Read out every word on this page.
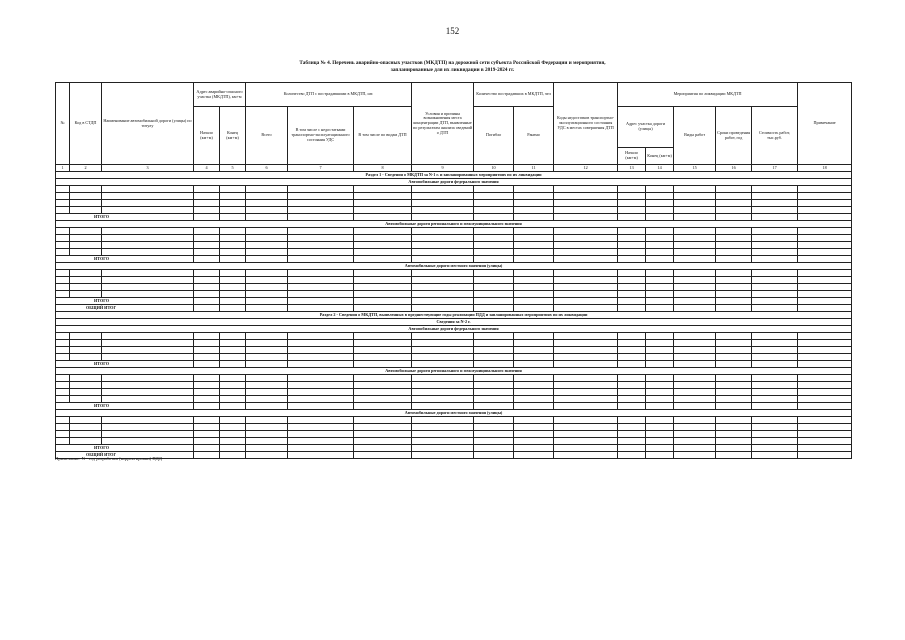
152
Таблица № 4. Перечень аварийно-опасных участков (МКДТП) на дорожной сети субъекта Российской Федерации и мероприятия,
запланированные для их ликвидации в 2019-2024 гг.
№	Код в СТДП	Наименование автомобильной дороги (улицы) по титулу	Адрес аварийно-опасного участка (МКДТП), км+м		Количество ДТП с пострадавшими в МКДТП, шт.			Условия и причины возникновения места концентрации ДТП, выявленные по результатам анализа сведений о ДТП	Количество пострадавших в МКДТП, чел		Коды недостатков транспортно-эксплуатационного состояния УДС в местах совершения ДТП	Мероприятия по ликвидации МКДТП					Примечание
			Начало (км+м)	Конец (км+м)	Всего	В том числе с недостатками транспортно-эксплуатационного состояния УДС	В том числе по видам ДТП		Погибло	Ранено		Адрес участка дороги (улицы)		Виды работ	Сроки проведения работ, год	Стоимость работ, тыс.руб.	
												Начало (км+м)	Конец (км+м)				
1	2	3	4	5	6	7	8	9	10	11	12	13	14	15	16	17	18
Раздел 1 - Сведения о МКДТП за N-1 г. и запланированных мероприятиях по их ликвидации																	
Автомобильные дороги федерального значения																	

ИТОГО																	
Автомобильные дороги регионального и межмуниципального значения																	

ИТОГО																	
Автомобильные дороги местного значения (улицы)																	

ИТОГО																	
ОБЩИЙ ИТОГ																	
Раздел 2 - Сведения о МКДТП, выявленных в предшествующие годы реализации ПДД и запланированных мероприятиях по их ликвидации																	
Сведения за N-2 г.																	
Автомобильные дороги федерального значения																	

ИТОГО																	
Автомобильные дороги регионального и межмуниципального значения																	

ИТОГО																	
Автомобильные дороги местного значения (улицы)																	

ИТОГО																	
ОБЩИЙ ИТОГ																	
Примечание: N - год разработки (корректировки) ПДД
